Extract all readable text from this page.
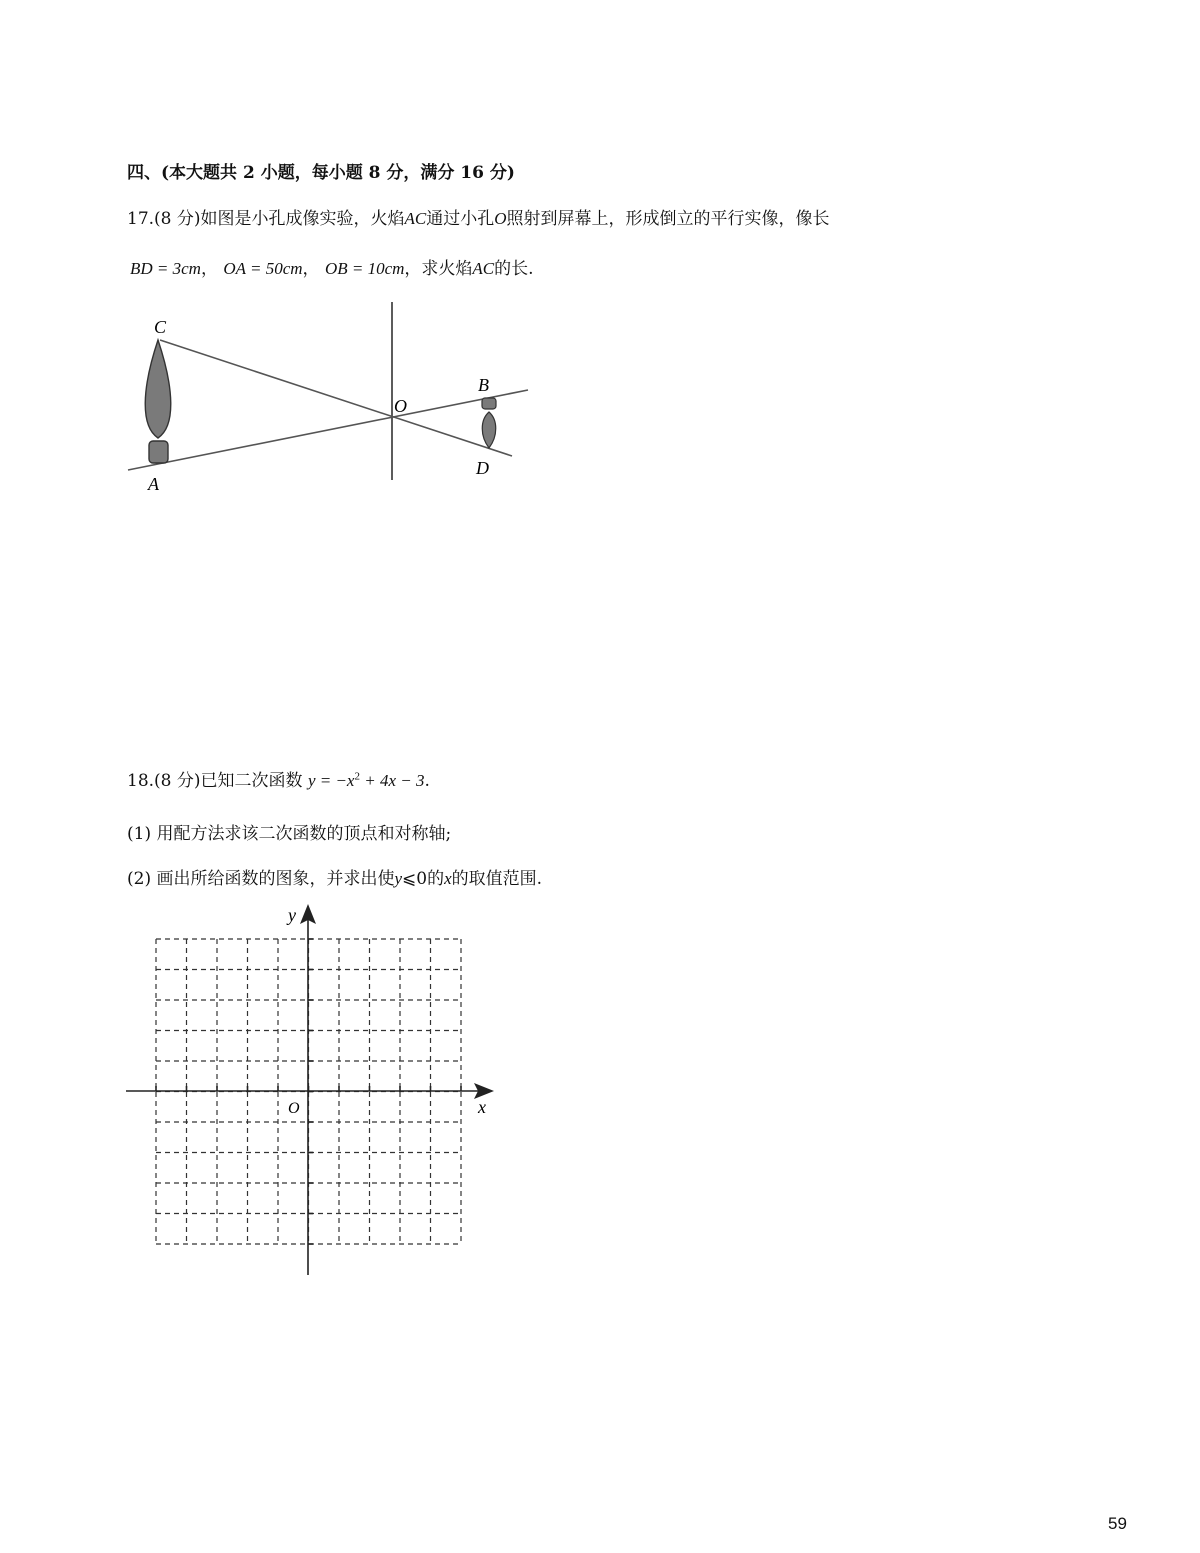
四、(本大题共 2 小题，每小题 8 分，满分 16 分)
17.(8 分)如图是小孔成像实验，火焰AC通过小孔O照射到屏幕上，形成倒立的平行实像，像长
BD = 3cm， OA = 50cm， OB = 10cm，求火焰AC的长.
C
A
O
B
D
18.(8 分)已知二次函数 $y = -x^2 + 4x - 3$.
(1) 用配方法求该二次函数的顶点和对称轴;
(2) 画出所给函数的图象，并求出使y⩽0的x的取值范围.
y
x
O
59
